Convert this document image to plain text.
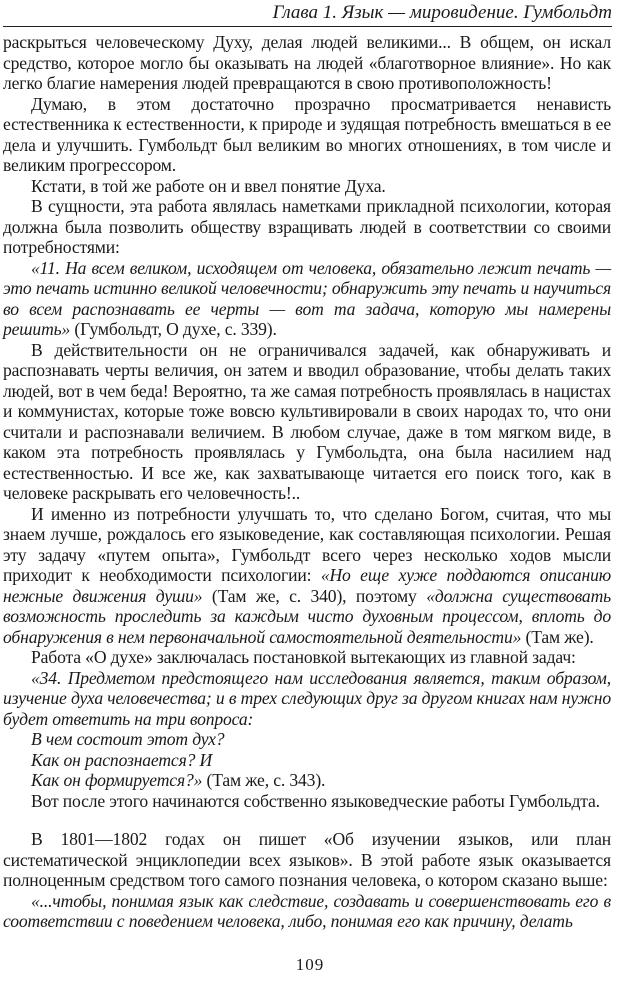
Глава 1. Язык — мировидение. Гумбольдт

раскрыться человеческому Духу, делая людей великими... В общем, он искал средство, которое могло бы оказывать на людей «благотворное влияние». Но как легко благие намерения людей превращаются в свою противоположность!

Думаю, в этом достаточно прозрачно просматривается ненависть естественника к естественности, к природе и зудящая потребность вмешаться в ее дела и улучшить. Гумбольдт был великим во многих отношениях, в том числе и великим прогрессором.

Кстати, в той же работе он и ввел понятие Духа.

В сущности, эта работа являлась наметками прикладной психологии, которая должна была позволить обществу взращивать людей в соответствии со своими потребностями:

«11. На всем великом, исходящем от человека, обязательно лежит печать — это печать истинно великой человечности; обнаружить эту печать и научиться во всем распознавать ее черты — вот та задача, которую мы намерены решить» (Гумбольдт, О духе, с. 339).

В действительности он не ограничивался задачей, как обнаруживать и распознавать черты величия, он затем и вводил образование, чтобы делать таких людей, вот в чем беда! Вероятно, та же самая потребность проявлялась в нацистах и коммунистах, которые тоже вовсю культивировали в своих народах то, что они считали и распознавали величием. В любом случае, даже в том мягком виде, в каком эта потребность проявлялась у Гумбольдта, она была насилием над естественностью. И все же, как захватывающе читается его поиск того, как в человеке раскрывать его человечность!..

И именно из потребности улучшать то, что сделано Богом, считая, что мы знаем лучше, рождалось его языковедение, как составляющая психологии. Решая эту задачу «путем опыта», Гумбольдт всего через несколько ходов мысли приходит к необходимости психологии: «Но еще хуже поддаются описанию нежные движения души» (Там же, с. 340), поэтому «должна существовать возможность проследить за каждым чисто духовным процессом, вплоть до обнаружения в нем первоначальной самостоятельной деятельности» (Там же).

Работа «О духе» заключалась постановкой вытекающих из главной задач:

«34. Предметом предстоящего нам исследования является, таким образом, изучение духа человечества; и в трех следующих друг за другом книгах нам нужно будет ответить на три вопроса:

В чем состоит этот дух?

Как он распознается? И

Как он формируется?» (Там же, с. 343).

Вот после этого начинаются собственно языковедческие работы Гумбольдта.

В 1801—1802 годах он пишет «Об изучении языков, или план систематической энциклопедии всех языков». В этой работе язык оказывается полноценным средством того самого познания человека, о котором сказано выше:

«...чтобы, понимая язык как следствие, создавать и совершенствовать его в соответствии с поведением человека, либо, понимая его как причину, делать

109
